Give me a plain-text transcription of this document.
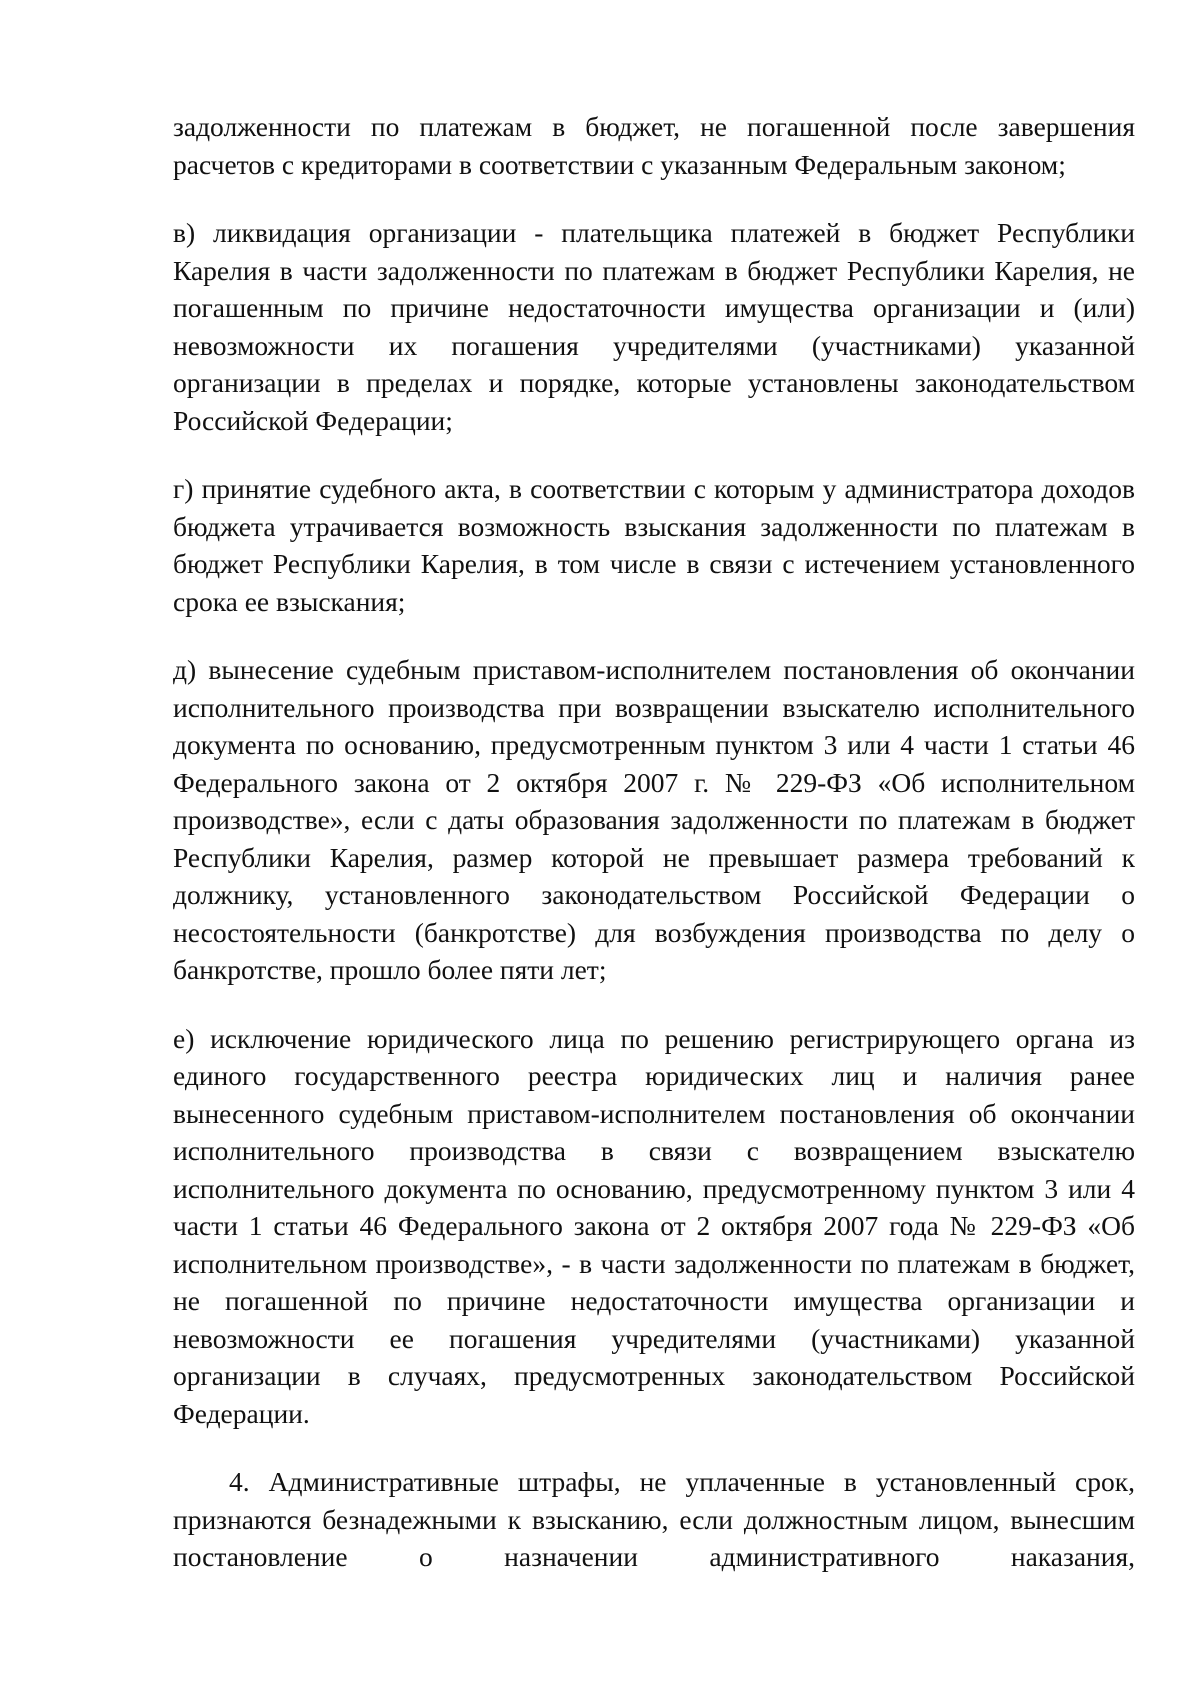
задолженности по платежам в бюджет, не погашенной после завершения расчетов с кредиторами в соответствии с указанным Федеральным законом;

в) ликвидация организации - плательщика платежей в бюджет Республики Карелия в части задолженности по платежам в бюджет Республики Карелия, не погашенным по причине недостаточности имущества организации и (или) невозможности их погашения учредителями (участниками) указанной организации в пределах и порядке, которые установлены законодательством Российской Федерации;

г) принятие судебного акта, в соответствии с которым у администратора доходов бюджета утрачивается возможность взыскания задолженности по платежам в бюджет Республики Карелия, в том числе в связи с истечением установленного срока ее взыскания;

д) вынесение судебным приставом-исполнителем постановления об окончании исполнительного производства при возвращении взыскателю исполнительного документа по основанию, предусмотренным пунктом 3 или 4 части 1 статьи 46 Федерального закона от 2 октября 2007 г. № 229-ФЗ «Об исполнительном производстве», если с даты образования задолженности по платежам в бюджет Республики Карелия, размер которой не превышает размера требований к должнику, установленного законодательством Российской Федерации о несостоятельности (банкротстве) для возбуждения производства по делу о банкротстве, прошло более пяти лет;

е) исключение юридического лица по решению регистрирующего органа из единого государственного реестра юридических лиц и наличия ранее вынесенного судебным приставом-исполнителем постановления об окончании исполнительного производства в связи с возвращением взыскателю исполнительного документа по основанию, предусмотренному пунктом 3 или 4 части 1 статьи 46 Федерального закона от 2 октября 2007 года № 229-ФЗ «Об исполнительном производстве», - в части задолженности по платежам в бюджет, не погашенной по причине недостаточности имущества организации и невозможности ее погашения учредителями (участниками) указанной организации в случаях, предусмотренных законодательством Российской Федерации.

4. Административные штрафы, не уплаченные в установленный срок, признаются безнадежными к взысканию, если должностным лицом, вынесшим постановление о назначении административного наказания,
